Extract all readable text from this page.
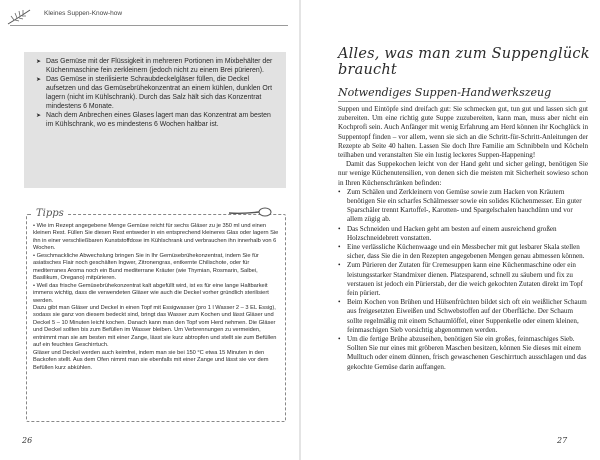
Kleines Suppen-Know-how
➤ Das Gemüse mit der Flüssigkeit in mehreren Portionen im Mixbehälter der Küchenmaschine fein zerkleinern (jedoch nicht zu einem Brei pürieren).
➤ Das Gemüse in sterilisierte Schraubdeckelgläser füllen, die Deckel aufsetzen und das Gemüsebrühekonzentrat an einem kühlen, dunklen Ort lagern (nicht im Kühlschrank). Durch das Salz hält sich das Konzentrat mindestens 6 Monate.
➤ Nach dem Anbrechen eines Glases lagert man das Konzentrat am besten im Kühlschrank, wo es mindestens 6 Wochen haltbar ist.
Tipps

• Wie im Rezept angegebene Menge Gemüse reicht für sechs Gläser zu je 350 ml und einen kleinen Rest. Füllen Sie diesen Rest entweder in ein entsprechend kleineres Glas oder lagern Sie ihn in einer verschließbaren Kunststoffdose im Kühlschrank und verbrauchen ihn innerhalb von 6 Wochen.

• Geschmackliche Abwechslung bringen Sie in Ihr Gemüsebrühekonzentrat, indem Sie für asiatisches Flair noch geschälten Ingwer, Zitronengras, entkernte Chilischote, oder für mediterranes Aroma noch ein Bund mediterrane Kräuter (wie Thymian, Rosmarin, Salbei, Basilikum, Oregano) mitpürieren.

• Weil das frische Gemüsebrühekonzentrat kalt abgefüllt wird, ist es für eine lange Haltbarkeit immens wichtig, dass die verwendeten Gläser wie auch die Deckel vorher gründlich sterilisiert werden.

Dazu gibt man Gläser und Deckel in einen Topf mit Essigwasser (pro 1 l Wasser 2 – 3 EL Essig), sodass sie ganz von diesem bedeckt sind, bringt das Wasser zum Kochen und lässt Gläser und Deckel 5 – 10 Minuten leicht kochen. Danach kann man den Topf vom Herd nehmen. Die Gläser und Deckel sollten bis zum Befüllen im Wasser bleiben. Um Verbrennungen zu vermeiden, entnimmt man sie am besten mit einer Zange, lässt sie kurz abtropfen und stellt sie zum Befüllen auf ein feuchtes Geschirrtuch.

Gläser und Deckel werden auch keimfrei, indem man sie bei 150 °C etwa 15 Minuten in den Backofen stellt. Aus dem Ofen nimmt man sie ebenfalls mit einer Zange und lässt sie vor dem Befüllen kurz abkühlen.

26
Alles, was man zum Suppenglück braucht
Notwendiges Suppen-Handwerkszeug

Suppen und Eintöpfe sind dreifach gut: Sie schmecken gut, tun gut und lassen sich gut zubereiten. Um eine richtig gute Suppe zuzubereiten, kann man, muss aber nicht ein Kochprofi sein. Auch Anfänger mit wenig Erfahrung am Herd können ihr Kochglück in Suppentopf finden – vor allem, wenn sie sich an die Schritt-für-Schritt-Anleitungen der Rezepte ab Seite 40 halten. Lassen Sie doch Ihre Familie am Schnibbeln und Köcheln teilhaben und veranstalten Sie ein lustig leckeres Suppen-Happening!

Damit das Suppekochen leicht von der Hand geht und sicher gelingt, benötigen Sie nur wenige Küchenutensilien, von denen sich die meisten mit Sicherheit sowieso schon in Ihren Küchenschränken befinden:

• Zum Schälen und Zerkleinern von Gemüse sowie zum Hacken von Kräutern benötigen Sie ein scharfes Schälmesser sowie ein solides Küchenmesser. Ein guter Sparschäler trennt Kartoffel-, Karotten- und Spargelschalen hauchdünn und vor allem zügig ab.
• Das Schneiden und Hacken geht am besten auf einem ausreichend großen Holzschneidebrett vonstatten.
• Eine verlässliche Küchenwaage und ein Messbecher mit gut lesbarer Skala stellen sicher, dass Sie die in den Rezepten angegebenen Mengen genau abmessen können.
• Zum Pürieren der Zutaten für Cremesuppen kann eine Küchenmaschine oder ein leistungsstarker Standmixer dienen. Platzsparend, schnell zu säubern und fix zu verstauen ist jedoch ein Pürierstab, der die weich gekochten Zutaten direkt im Topf fein püriert.
• Beim Kochen von Brühen und Hülsenfrüchten bildet sich oft ein weißlicher Schaum aus freigesetzten Eiweißen und Schwebstoffen auf der Oberfläche. Der Schaum sollte regelmäßig mit einem Schaumlöffel, einer Suppenkelle oder einem kleinen, feinmaschigen Sieb vorsichtig abgenommen werden.
• Um die fertige Brühe abzuseihen, benötigen Sie ein großes, feinmaschiges Sieb. Sollten Sie nur eines mit gröberen Maschen besitzen, können Sie dieses mit einem Mulltuch oder einem dünnen, frisch gewaschenen Geschirrtuch ausschlagen und das gekochte Gemüse darin auffangen.
27
